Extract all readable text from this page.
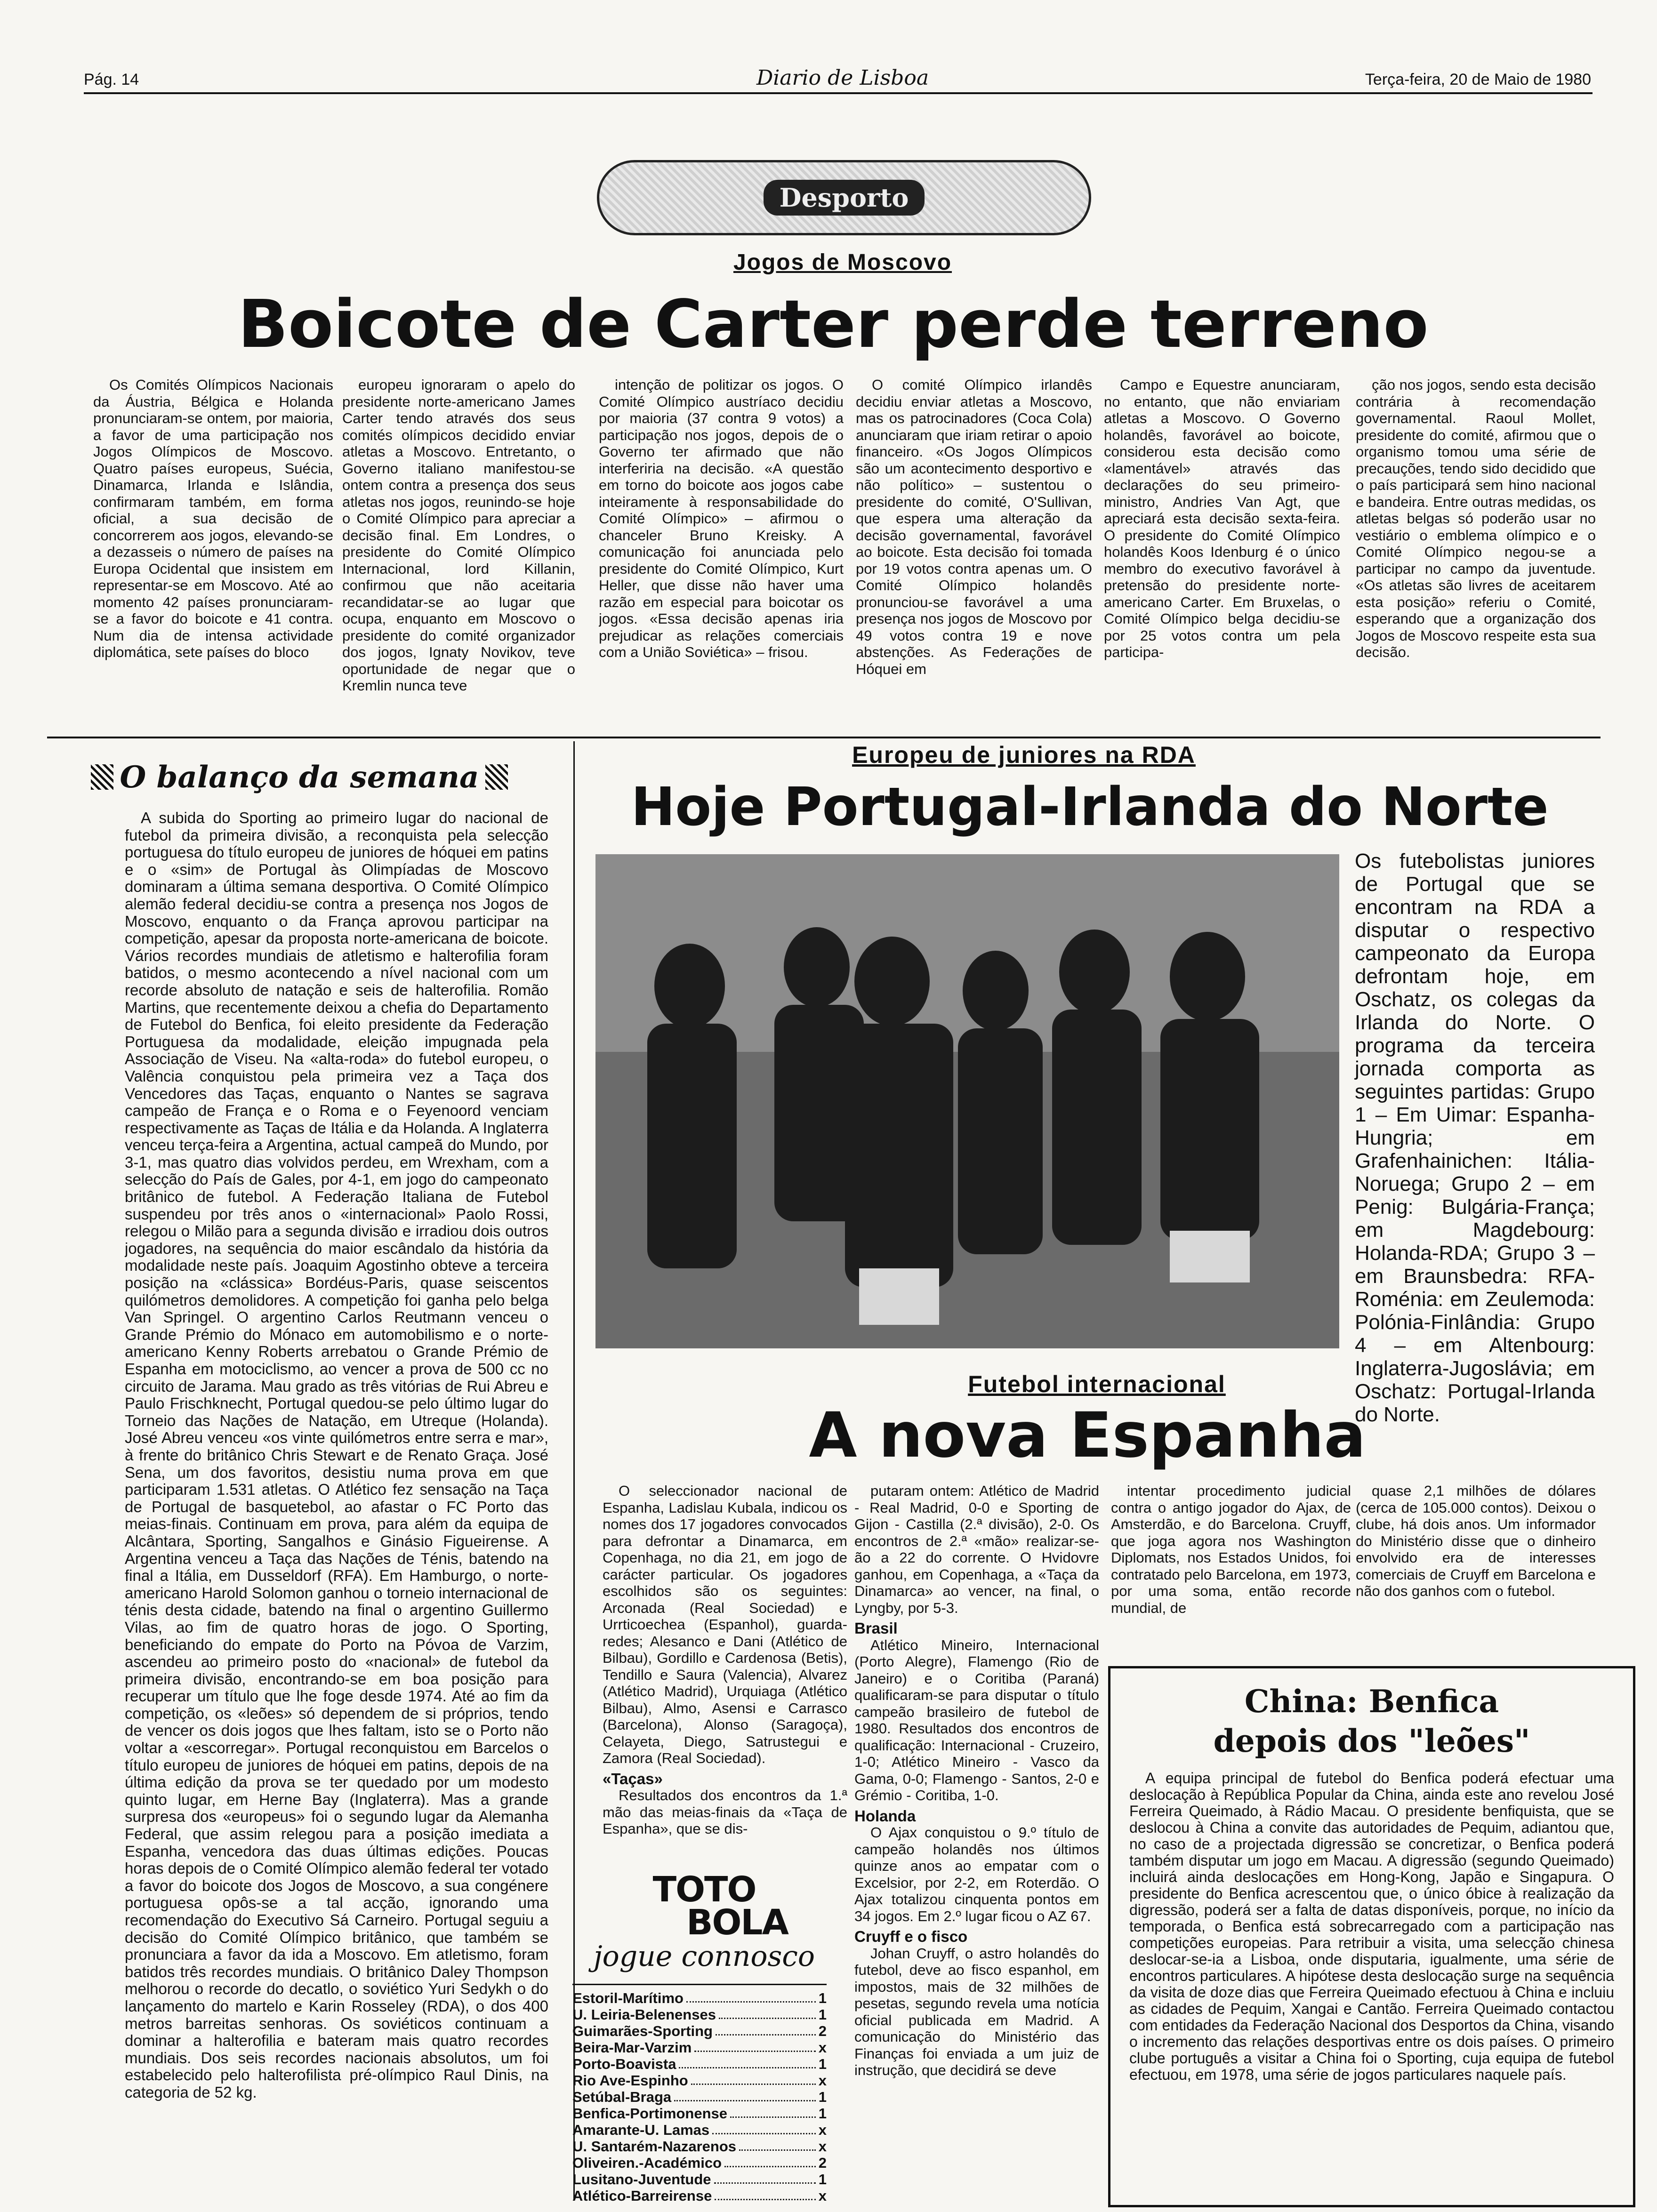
Pág. 14	Diario de Lisboa	Terça-feira, 20 de Maio de 1980
Desporto
Jogos de Moscovo
Boicote de Carter perde terreno

Os Comités Olímpicos Nacionais da Áustria, Bélgica e Holanda pronunciaram-se ontem, por maioria, a favor de uma participação nos Jogos Olímpicos de Moscovo. Quatro países europeus, Suécia, Dinamarca, Irlanda e Islândia, confirmaram também, em forma oficial, a sua decisão de concorrerem aos jogos, elevando-se a dezasseis o número de países na Europa Ocidental que insistem em representar-se em Moscovo. Até ao momento 42 países pronunciaram-se a favor do boicote e 41 contra. Num dia de intensa actividade diplomática, sete países do bloco

europeu ignoraram o apelo do presidente norte-americano James Carter tendo através dos seus comités olímpicos decidido enviar atletas a Moscovo. Entretanto, o Governo italiano manifestou-se ontem contra a presença dos seus atletas nos jogos, reunindo-se hoje o Comité Olímpico para apreciar a decisão final. Em Londres, o presidente do Comité Olímpico Internacional, lord Killanin, confirmou que não aceitaria recandidatar-se ao lugar que ocupa, enquanto em Moscovo o presidente do comité organizador dos jogos, Ignaty Novikov, teve oportunidade de negar que o Kremlin nunca teve

intenção de politizar os jogos. O Comité Olímpico austríaco decidiu por maioria (37 contra 9 votos) a participação nos jogos, depois de o Governo ter afirmado que não interferiria na decisão. «A questão em torno do boicote aos jogos cabe inteiramente à responsabilidade do Comité Olímpico» – afirmou o chanceler Bruno Kreisky. A comunicação foi anunciada pelo presidente do Comité Olímpico, Kurt Heller, que disse não haver uma razão em especial para boicotar os jogos. «Essa decisão apenas iria prejudicar as relações comerciais com a União Soviética» – frisou.

O comité Olímpico irlandês decidiu enviar atletas a Moscovo, mas os patrocinadores (Coca Cola) anunciaram que iriam retirar o apoio financeiro. «Os Jogos Olímpicos são um acontecimento desportivo e não político» – sustentou o presidente do comité, O'Sullivan, que espera uma alteração da decisão governamental, favorável ao boicote. Esta decisão foi tomada por 19 votos contra apenas um. O Comité Olímpico holandês pronunciou-se favorável a uma presença nos jogos de Moscovo por 49 votos contra 19 e nove abstenções. As Federações de Hóquei em

Campo e Equestre anunciaram, no entanto, que não enviariam atletas a Moscovo. O Governo holandês, favorável ao boicote, considerou esta decisão como «lamentável» através das declarações do seu primeiro-ministro, Andries Van Agt, que apreciará esta decisão sexta-feira. O presidente do Comité Olímpico holandês Koos Idenburg é o único membro do executivo favorável à pretensão do presidente norte-americano Carter. Em Bruxelas, o Comité Olímpico belga decidiu-se por 25 votos contra um pela participa-

ção nos jogos, sendo esta decisão contrária à recomendação governamental. Raoul Mollet, presidente do comité, afirmou que o organismo tomou uma série de precauções, tendo sido decidido que o país participará sem hino nacional e bandeira. Entre outras medidas, os atletas belgas só poderão usar no vestiário o emblema olímpico e o Comité Olímpico negou-se a participar no campo da juventude. «Os atletas são livres de aceitarem esta posição» referiu o Comité, esperando que a organização dos Jogos de Moscovo respeite esta sua decisão.

O balanço da semana

A subida do Sporting ao primeiro lugar do nacional de futebol da primeira divisão, a reconquista pela selecção portuguesa do título europeu de juniores de hóquei em patins e o «sim» de Portugal às Olimpíadas de Moscovo dominaram a última semana desportiva. O Comité Olímpico alemão federal decidiu-se contra a presença nos Jogos de Moscovo, enquanto o da França aprovou participar na competição, apesar da proposta norte-americana de boicote. Vários recordes mundiais de atletismo e halterofilia foram batidos, o mesmo acontecendo a nível nacional com um recorde absoluto de natação e seis de halterofilia. Romão Martins, que recentemente deixou a chefia do Departamento de Futebol do Benfica, foi eleito presidente da Federação Portuguesa da modalidade, eleição impugnada pela Associação de Viseu. Na «alta-roda» do futebol europeu, o Valência conquistou pela primeira vez a Taça dos Vencedores das Taças, enquanto o Nantes se sagrava campeão de França e o Roma e o Feyenoord venciam respectivamente as Taças de Itália e da Holanda. A Inglaterra venceu terça-feira a Argentina, actual campeã do Mundo, por 3-1, mas quatro dias volvidos perdeu, em Wrexham, com a selecção do País de Gales, por 4-1, em jogo do campeonato britânico de futebol. A Federação Italiana de Futebol suspendeu por três anos o «internacional» Paolo Rossi, relegou o Milão para a segunda divisão e irradiou dois outros jogadores, na sequência do maior escândalo da história da modalidade neste país. Joaquim Agostinho obteve a terceira posição na «clássica» Bordéus-Paris, quase seiscentos quilómetros demolidores. A competição foi ganha pelo belga Van Springel. O argentino Carlos Reutmann venceu o Grande Prémio do Mónaco em automobilismo e o norte-americano Kenny Roberts arrebatou o Grande Prémio de Espanha em motociclismo, ao vencer a prova de 500 cc no circuito de Jarama. Mau grado as três vitórias de Rui Abreu e Paulo Frischknecht, Portugal quedou-se pelo último lugar do Torneio das Nações de Natação, em Utreque (Holanda). José Abreu venceu «os vinte quilómetros entre serra e mar», à frente do britânico Chris Stewart e de Renato Graça. José Sena, um dos favoritos, desistiu numa prova em que participaram 1.531 atletas. O Atlético fez sensação na Taça de Portugal de basquetebol, ao afastar o FC Porto das meias-finais. Continuam em prova, para além da equipa de Alcântara, Sporting, Sangalhos e Ginásio Figueirense. A Argentina venceu a Taça das Nações de Ténis, batendo na final a Itália, em Dusseldorf (RFA). Em Hamburgo, o norte-americano Harold Solomon ganhou o torneio internacional de ténis desta cidade, batendo na final o argentino Guillermo Vilas, ao fim de quatro horas de jogo. O Sporting, beneficiando do empate do Porto na Póvoa de Varzim, ascendeu ao primeiro posto do «nacional» de futebol da primeira divisão, encontrando-se em boa posição para recuperar um título que lhe foge desde 1974. Até ao fim da competição, os «leões» só dependem de si próprios, tendo de vencer os dois jogos que lhes faltam, isto se o Porto não voltar a «escorregar». Portugal reconquistou em Barcelos o título europeu de juniores de hóquei em patins, depois de na última edição da prova se ter quedado por um modesto quinto lugar, em Herne Bay (Inglaterra). Mas a grande surpresa dos «europeus» foi o segundo lugar da Alemanha Federal, que assim relegou para a posição imediata a Espanha, vencedora das duas últimas edições. Poucas horas depois de o Comité Olímpico alemão federal ter votado a favor do boicote dos Jogos de Moscovo, a sua congénere portuguesa opôs-se a tal acção, ignorando uma recomendação do Executivo Sá Carneiro. Portugal seguiu a decisão do Comité Olímpico britânico, que também se pronunciara a favor da ida a Moscovo. Em atletismo, foram batidos três recordes mundiais. O britânico Daley Thompson melhorou o recorde do decatlo, o soviético Yuri Sedykh o do lançamento do martelo e Karin Rosseley (RDA), o dos 400 metros barreitas senhoras. Os soviéticos continuam a dominar a halterofilia e bateram mais quatro recordes mundiais. Dos seis recordes nacionais absolutos, um foi estabelecido pelo halterofilista pré-olímpico Raul Dinis, na categoria de 52 kg.

Europeu de juniores na RDA
Hoje Portugal-Irlanda do Norte

Os futebolistas juniores de Portugal que se encontram na RDA a disputar o respectivo campeonato da Europa defrontam hoje, em Oschatz, os colegas da Irlanda do Norte. O programa da terceira jornada comporta as seguintes partidas: Grupo 1 – Em Uimar: Espanha-Hungria; em Grafenhainichen: Itália-Noruega; Grupo 2 – em Penig: Bulgária-França; em Magdebourg: Holanda-RDA; Grupo 3 – em Braunsbedra: RFA-Roménia: em Zeulemoda: Polónia-Finlândia: Grupo 4 – em Altenbourg: Inglaterra-Jugoslávia; em Oschatz: Portugal-Irlanda do Norte.

Futebol internacional
A nova Espanha

O seleccionador nacional de Espanha, Ladislau Kubala, indicou os nomes dos 17 jogadores convocados para defrontar a Dinamarca, em Copenhaga, no dia 21, em jogo de carácter particular. Os jogadores escolhidos são os seguintes: Arconada (Real Sociedad) e Urrticoechea (Espanhol), guarda-redes; Alesanco e Dani (Atlético de Bilbau), Gordillo e Cardenosa (Betis), Tendillo e Saura (Valencia), Alvarez (Atlético Madrid), Urquiaga (Atlético Bilbau), Almo, Asensi e Carrasco (Barcelona), Alonso (Saragoça), Celayeta, Diego, Satrustegui e Zamora (Real Sociedad).

«Taças»

Resultados dos encontros da 1.ª mão das meias-finais da «Taça de Espanha», que se dis-

putaram ontem: Atlético de Madrid - Real Madrid, 0-0 e Sporting de Gijon - Castilla (2.ª divisão), 2-0. Os encontros de 2.ª «mão» realizar-se-ão a 22 do corrente. O Hvidovre ganhou, em Copenhaga, a «Taça da Dinamarca» ao vencer, na final, o Lyngby, por 5-3.

Brasil

Atlético Mineiro, Internacional (Porto Alegre), Flamengo (Rio de Janeiro) e o Coritiba (Paraná) qualificaram-se para disputar o título campeão brasileiro de futebol de 1980. Resultados dos encontros de qualificação: Internacional - Cruzeiro, 1-0; Atlético Mineiro - Vasco da Gama, 0-0; Flamengo - Santos, 2-0 e Grémio - Coritiba, 1-0.

Holanda

O Ajax conquistou o 9.º título de campeão holandês nos últimos quinze anos ao empatar com o Excelsior, por 2-2, em Roterdão. O Ajax totalizou cinquenta pontos em 34 jogos. Em 2.º lugar ficou o AZ 67.

Cruyff e o fisco

Johan Cruyff, o astro holandês do futebol, deve ao fisco espanhol, em impostos, mais de 32 milhões de pesetas, segundo revela uma notícia oficial publicada em Madrid. A comunicação do Ministério das Finanças foi enviada a um juiz de instrução, que decidirá se deve

intentar procedimento judicial contra o antigo jogador do Ajax, de Amsterdão, e do Barcelona. Cruyff, que joga agora nos Washington Diplomats, nos Estados Unidos, foi contratado pelo Barcelona, em 1973, por uma soma, então recorde mundial, de

quase 2,1 milhões de dólares (cerca de 105.000 contos). Deixou o clube, há dois anos. Um informador do Ministério disse que o dinheiro envolvido era de interesses comerciais de Cruyff em Barcelona e não dos ganhos com o futebol.

TOTO
BOLA
jogue connosco
Estoril-Marítimo	1
U. Leiria-Belenenses	1
Guimarães-Sporting	2
Beira-Mar-Varzim	x
Porto-Boavista	1
Rio Ave-Espinho	x
Setúbal-Braga	1
Benfica-Portimonense	1
Amarante-U. Lamas	x
U. Santarém-Nazarenos	x
Oliveiren.-Académico	2
Lusitano-Juventude	1
Atlético-Barreirense	x
China: Benfica
depois dos "leões"

A equipa principal de futebol do Benfica poderá efectuar uma deslocação à República Popular da China, ainda este ano revelou José Ferreira Queimado, à Rádio Macau. O presidente benfiquista, que se deslocou à China a convite das autoridades de Pequim, adiantou que, no caso de a projectada digressão se concretizar, o Benfica poderá também disputar um jogo em Macau. A digressão (segundo Queimado) incluirá ainda deslocações em Hong-Kong, Japão e Singapura. O presidente do Benfica acrescentou que, o único óbice à realização da digressão, poderá ser a falta de datas disponíveis, porque, no início da temporada, o Benfica está sobrecarregado com a participação nas competições europeias. Para retribuir a visita, uma selecção chinesa deslocar-se-ia a Lisboa, onde disputaria, igualmente, uma série de encontros particulares. A hipótese desta deslocação surge na sequência da visita de doze dias que Ferreira Queimado efectuou à China e incluiu as cidades de Pequim, Xangai e Cantão. Ferreira Queimado contactou com entidades da Federação Nacional dos Desportos da China, visando o incremento das relações desportivas entre os dois países. O primeiro clube português a visitar a China foi o Sporting, cuja equipa de futebol efectuou, em 1978, uma série de jogos particulares naquele país.
